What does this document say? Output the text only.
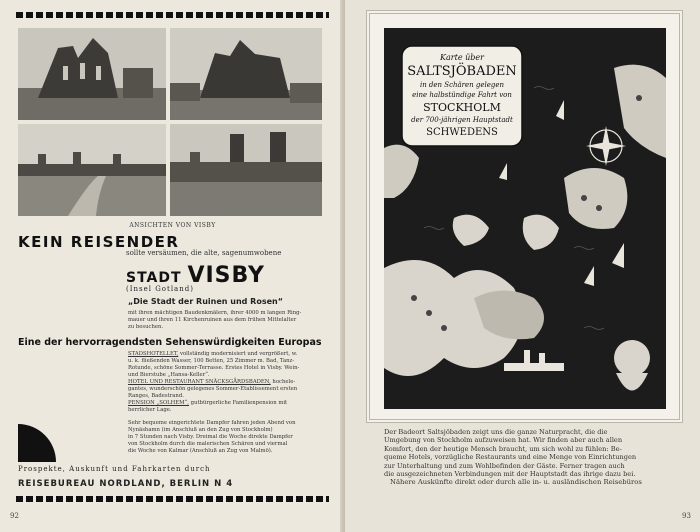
ANSICHTEN VON VISBY
KEIN REISENDER
sollte versäumen, die alte, sagenumwobene
STADT VISBY
(Insel Gotland)
„Die Stadt der Ruinen und Rosen“
mit ihren mächtigen Baudenkmälern, ihrer 4000 m langen Ring-
mauer und ihren 11 Kirchenruinen aus dem frühen Mittelalter
zu besuchen.
Eine der hervorragendsten Sehenswürdigkeiten Europas
STADSHOTELLET, vollständig modernisiert und vergrößert, w.
u. k. fließenden Wasser, 100 Betten, 25 Zimmer m. Bad, Tanz-
Rotunde, schöne Sommer-Terrasse. Erstes Hotel in Visby. Wein-
und Bierstube „Hansa-Keller“.
HOTEL UND RESTAURANT SNÄCKSGÅRDSBADEN, hochele-
gantes, wunderschön gelegenes Sommer-Etablissement ersten
Ranges, Badestrand.
PENSION „SOLHEM“, gutbürgerliche Familienpension mit
herrlicher Lage.
Sehr bequeme eingerichtete Dampfer fahren jeden Abend von
Nynäshamn (im Anschluß an den Zug von Stockholm)
in 7 Stunden nach Visby. Dreimal die Woche direkte Dampfer
von Stockholm durch die malerischen Schären und viermal
die Woche von Kalmar (Anschluß an Zug von Malmö).
Prospekte, Auskunft und Fahrkarten durch
REISEBUREAU NORDLAND, BERLIN N 4
92
Karte über
SALTSJÖBADEN
in den Schären gelegen
eine halbstündige Fahrt von
STOCKHOLM
der 700-jährigen Hauptstadt
SCHWEDENS
Der Badeort Saltsjöbaden zeigt uns die ganze Naturpracht, die die
Umgebung von Stockholm aufzuweisen hat. Wir finden aber auch allen
Komfort, den der heutige Mensch braucht, um sich wohl zu fühlen: Be-
queme Hotels, vorzügliche Restaurants und eine Menge von Einrichtungen
zur Unterhaltung und zum Wohlbefinden der Gäste. Ferner tragen auch
die ausgezeichneten Verbindungen mit der Hauptstadt das ihrige dazu bei.
Nähere Auskünfte direkt oder durch alle in- u. ausländischen Reisebüros
93
